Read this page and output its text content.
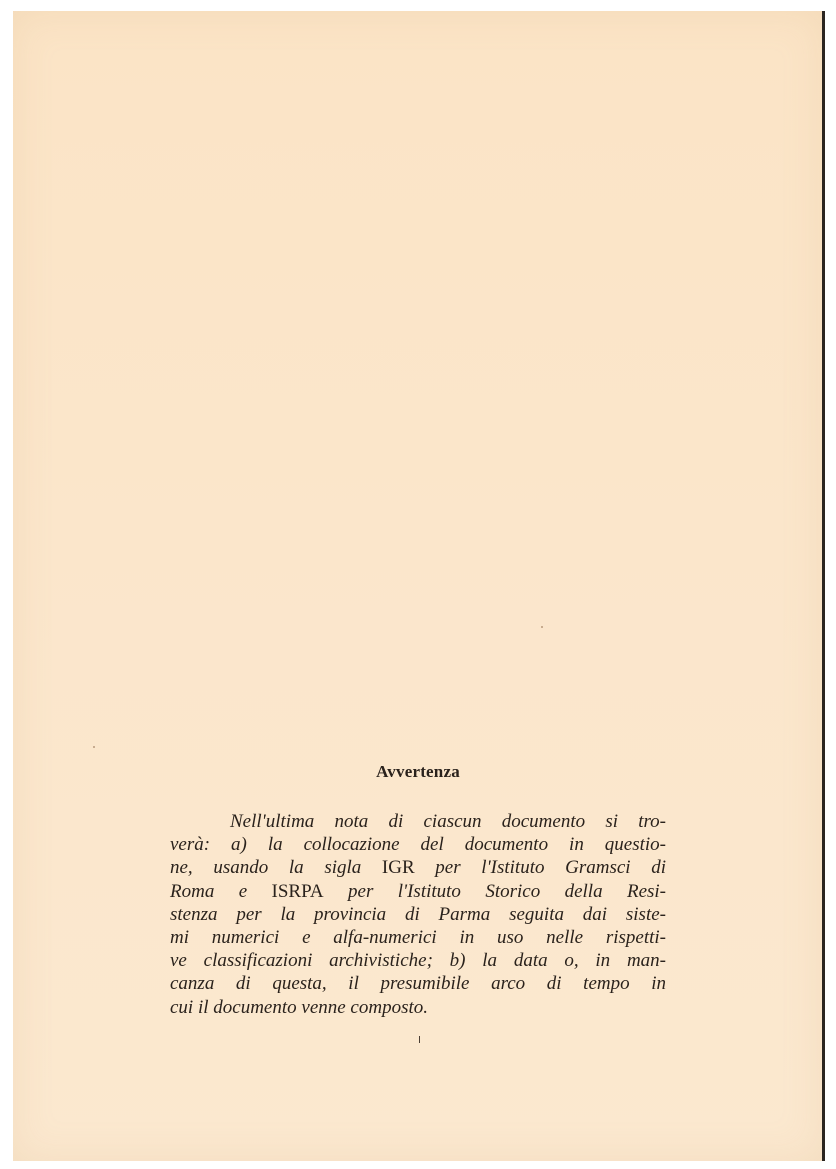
Avvertenza

Nell'ultima nota di ciascun documento si tro-
verà: a) la collocazione del documento in questio-
ne, usando la sigla IGR per l'Istituto Gramsci di
Roma e ISRPA per l'Istituto Storico della Resi-
stenza per la provincia di Parma seguita dai siste-
mi numerici e alfa-numerici in uso nelle rispetti-
ve classificazioni archivistiche; b) la data o, in man-
canza di questa, il presumibile arco di tempo in
cui il documento venne composto.
